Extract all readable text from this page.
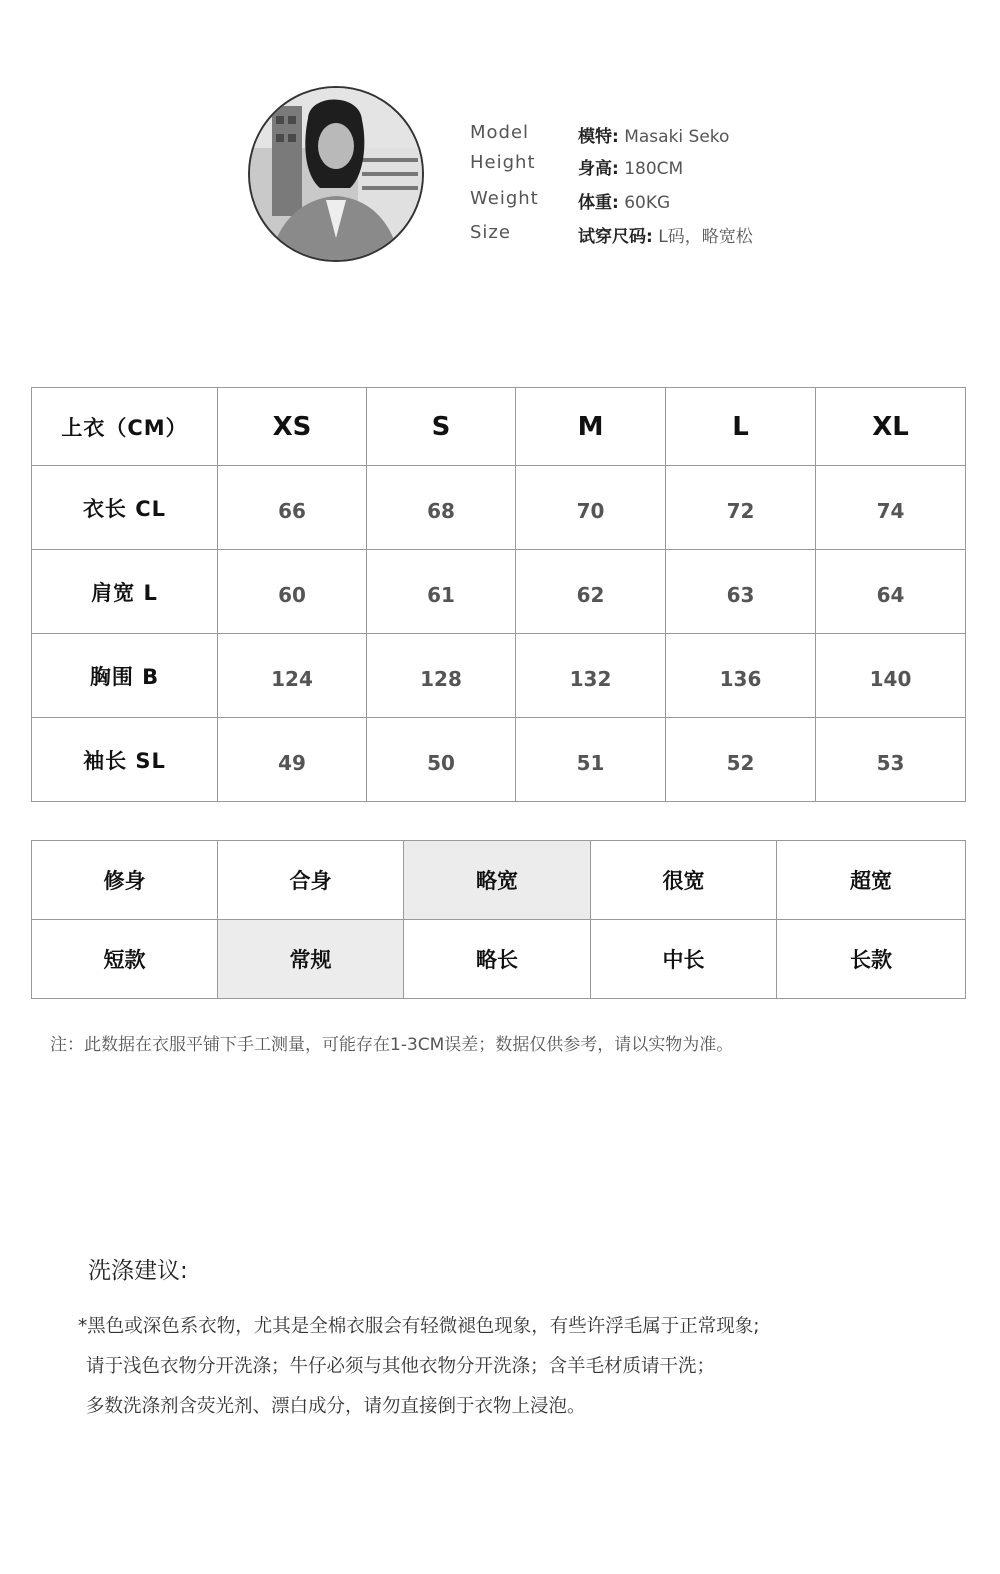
Model	模特: Masaki Seko
Height 身高: 180CM
Weight 体重: 60KG
Size	试穿尺码: L码，略宽松
上衣（CM）	XS	S	M	L	XL
衣长 CL	66	68	70	72	74
肩宽 L	60	61	62	63	64
胸围 B	124	128	132	136	140
袖长 SL	49	50	51	52	53
修身	合身	略宽	很宽	超宽
短款	常规	略长	中长	长款
注：此数据在衣服平铺下手工测量，可能存在1-3CM误差；数据仅供参考，请以实物为准。
洗涤建议:
*黑色或深色系衣物，尤其是全棉衣服会有轻微褪色现象，有些许浮毛属于正常现象;
请于浅色衣物分开洗涤；牛仔必须与其他衣物分开洗涤；含羊毛材质请干洗；
多数洗涤剂含荧光剂、漂白成分，请勿直接倒于衣物上浸泡。
